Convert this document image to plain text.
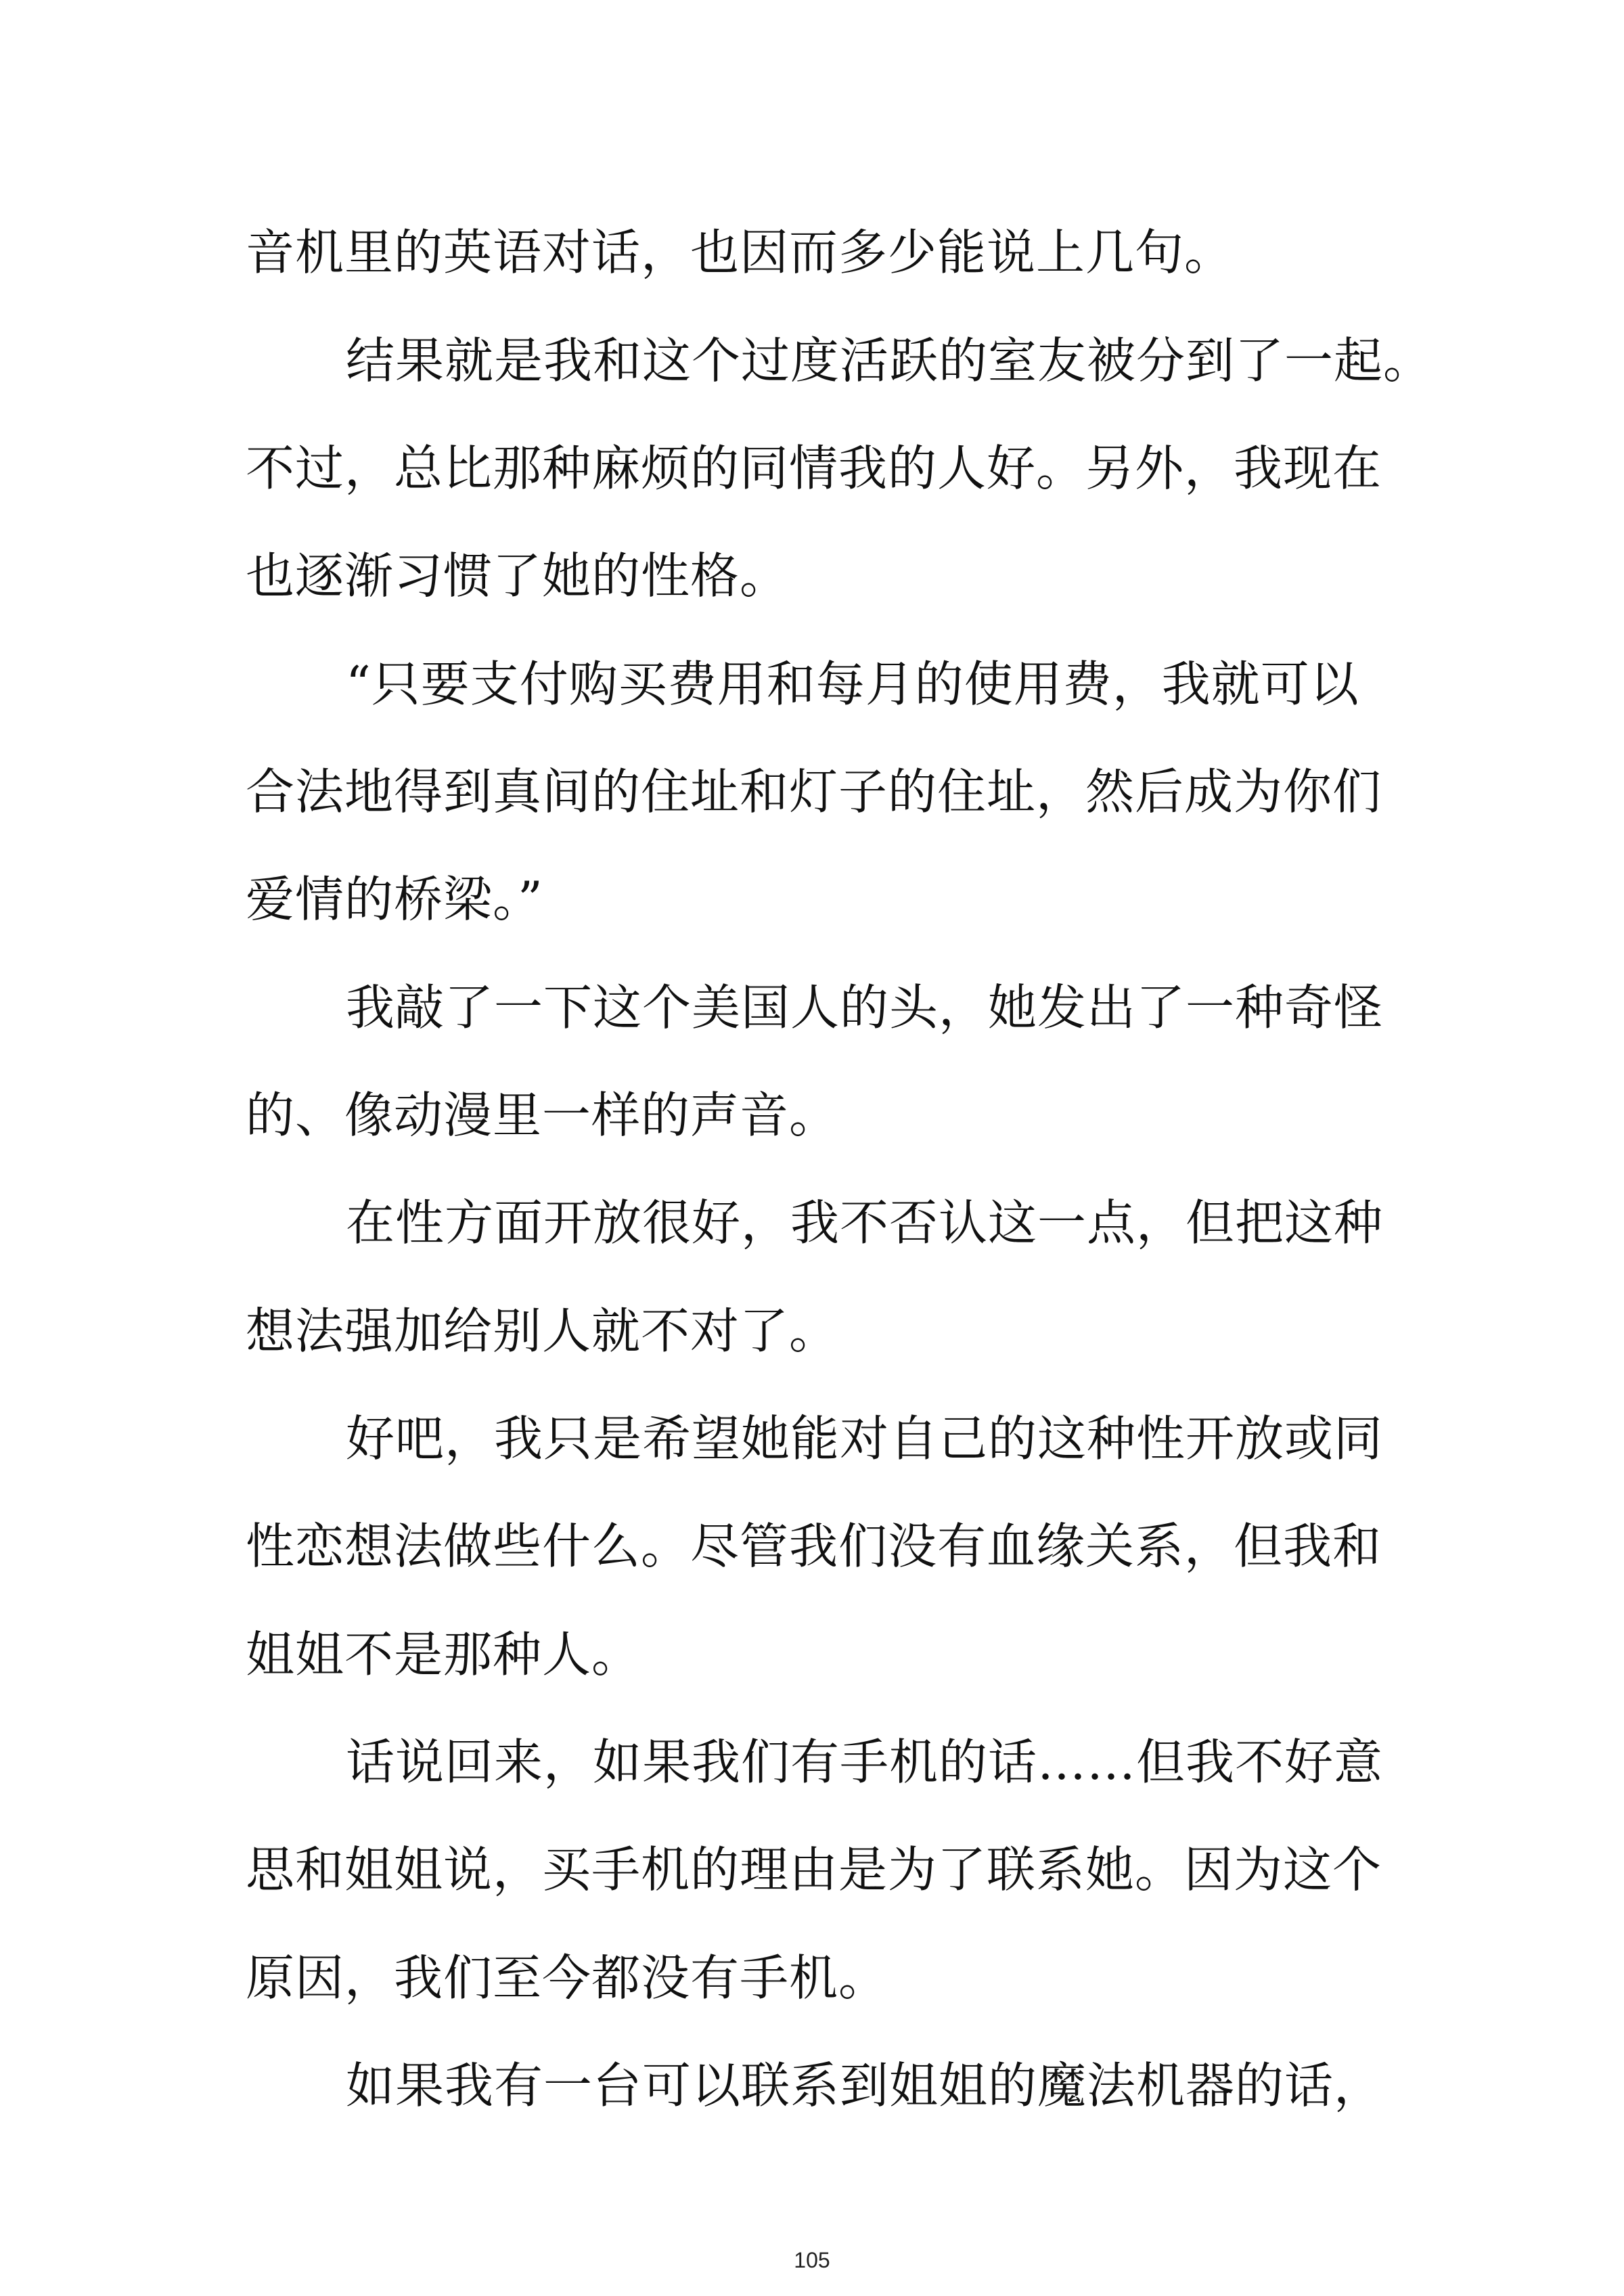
音机里的英语对话，也因而多少能说上几句。
结果就是我和这个过度活跃的室友被分到了一起。
不过，总比那种麻烦的同情我的人好。另外，我现在
也逐渐习惯了她的性格。
“只要支付购买费用和每月的使用费，我就可以
合法地得到真间的住址和灯子的住址，然后成为你们
爱情的桥梁。”
我敲了一下这个美国人的头，她发出了一种奇怪
的、像动漫里一样的声音。
在性方面开放很好，我不否认这一点，但把这种
想法强加给别人就不对了。
好吧，我只是希望她能对自己的这种性开放或同
性恋想法做些什么。尽管我们没有血缘关系，但我和
姐姐不是那种人。
话说回来，如果我们有手机的话……但我不好意
思和姐姐说，买手机的理由是为了联系她。因为这个
原因，我们至今都没有手机。
如果我有一台可以联系到姐姐的魔法机器的话，
105
